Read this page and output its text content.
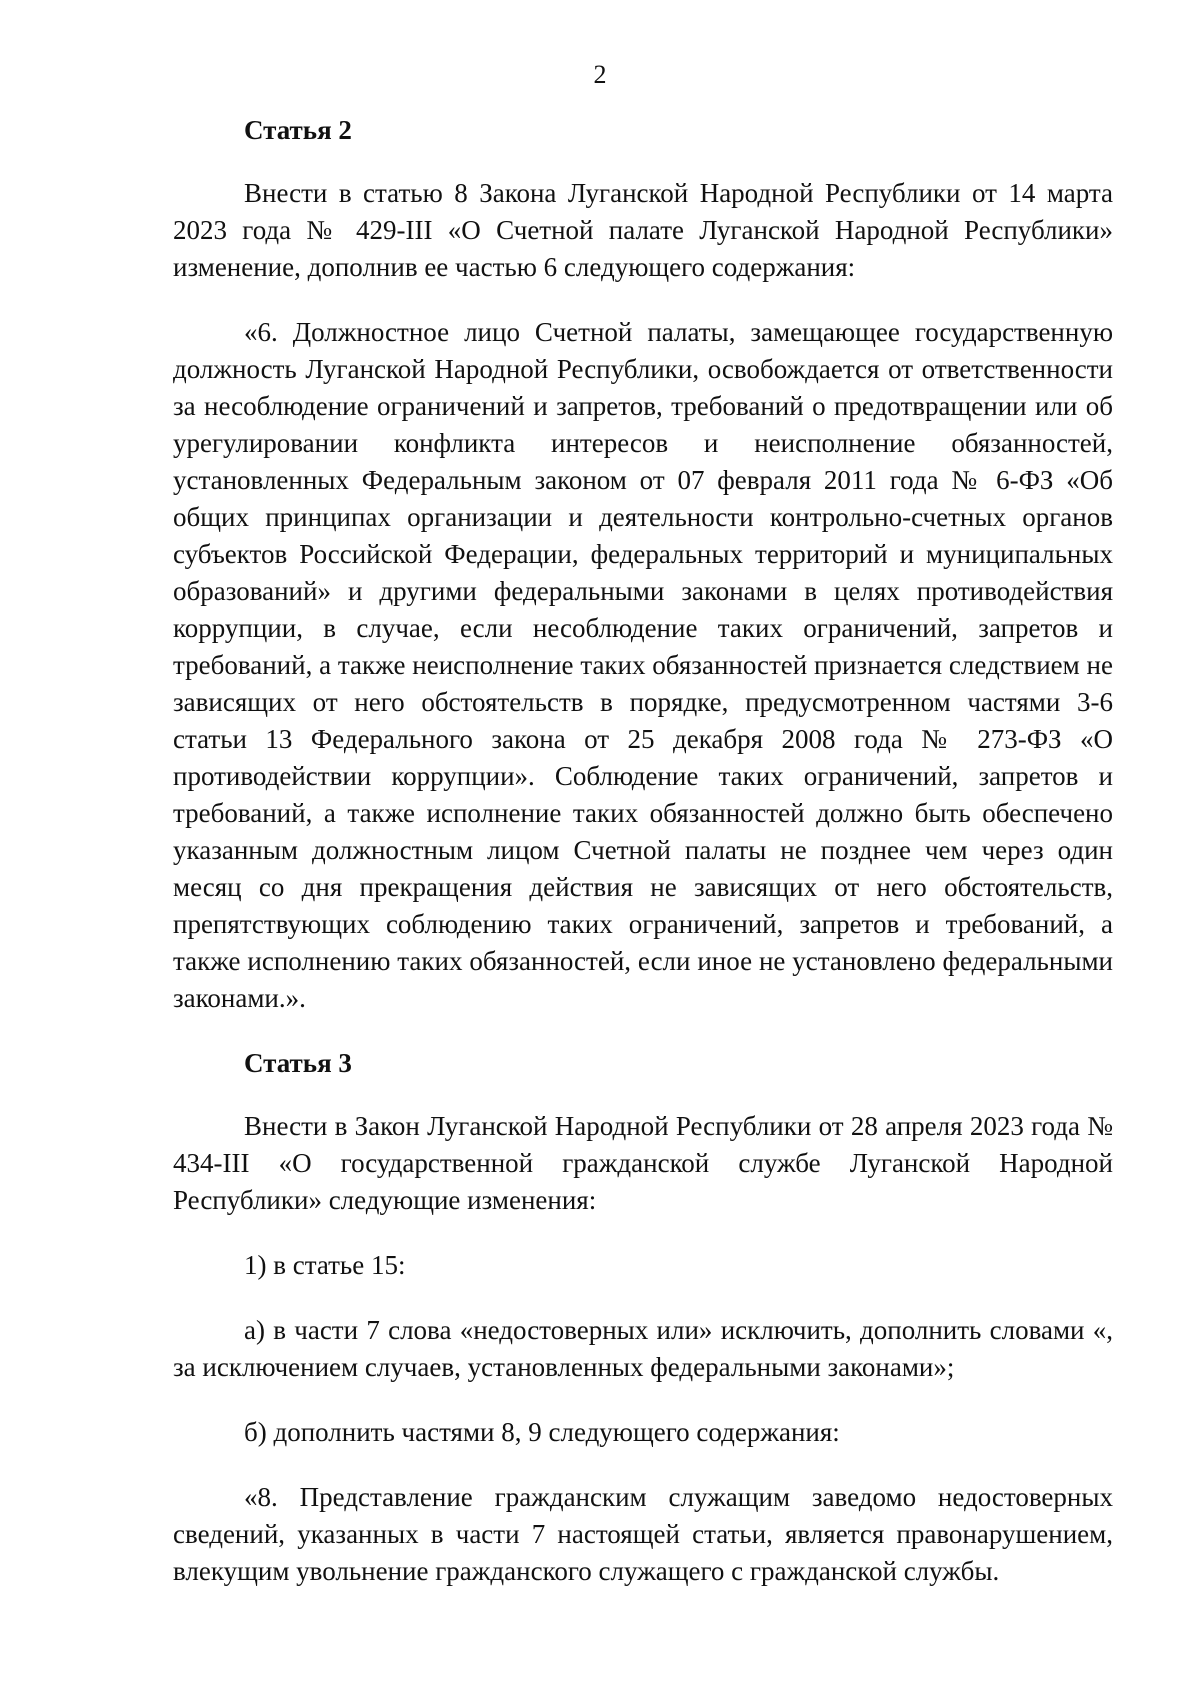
2

Статья 2

Внести в статью 8 Закона Луганской Народной Республики от 14 марта 2023 года № 429-III «О Счетной палате Луганской Народной Республики» изменение, дополнив ее частью 6 следующего содержания:

«6. Должностное лицо Счетной палаты, замещающее государственную должность Луганской Народной Республики, освобождается от ответственности за несоблюдение ограничений и запретов, требований о предотвращении или об урегулировании конфликта интересов и неисполнение обязанностей, установленных Федеральным законом от 07 февраля 2011 года № 6-ФЗ «Об общих принципах организации и деятельности контрольно-счетных органов субъектов Российской Федерации, федеральных территорий и муниципальных образований» и другими федеральными законами в целях противодействия коррупции, в случае, если несоблюдение таких ограничений, запретов и требований, а также неисполнение таких обязанностей признается следствием не зависящих от него обстоятельств в порядке, предусмотренном частями 3-6 статьи 13 Федерального закона от 25 декабря 2008 года № 273-ФЗ «О противодействии коррупции». Соблюдение таких ограничений, запретов и требований, а также исполнение таких обязанностей должно быть обеспечено указанным должностным лицом Счетной палаты не позднее чем через один месяц со дня прекращения действия не зависящих от него обстоятельств, препятствующих соблюдению таких ограничений, запретов и требований, а также исполнению таких обязанностей, если иное не установлено федеральными законами.».

Статья 3

Внести в Закон Луганской Народной Республики от 28 апреля 2023 года № 434-III «О государственной гражданской службе Луганской Народной Республики» следующие изменения:

1) в статье 15:

а) в части 7 слова «недостоверных или» исключить, дополнить словами «, за исключением случаев, установленных федеральными законами»;

б) дополнить частями 8, 9 следующего содержания:

«8. Представление гражданским служащим заведомо недостоверных сведений, указанных в части 7 настоящей статьи, является правонарушением, влекущим увольнение гражданского служащего с гражданской службы.
